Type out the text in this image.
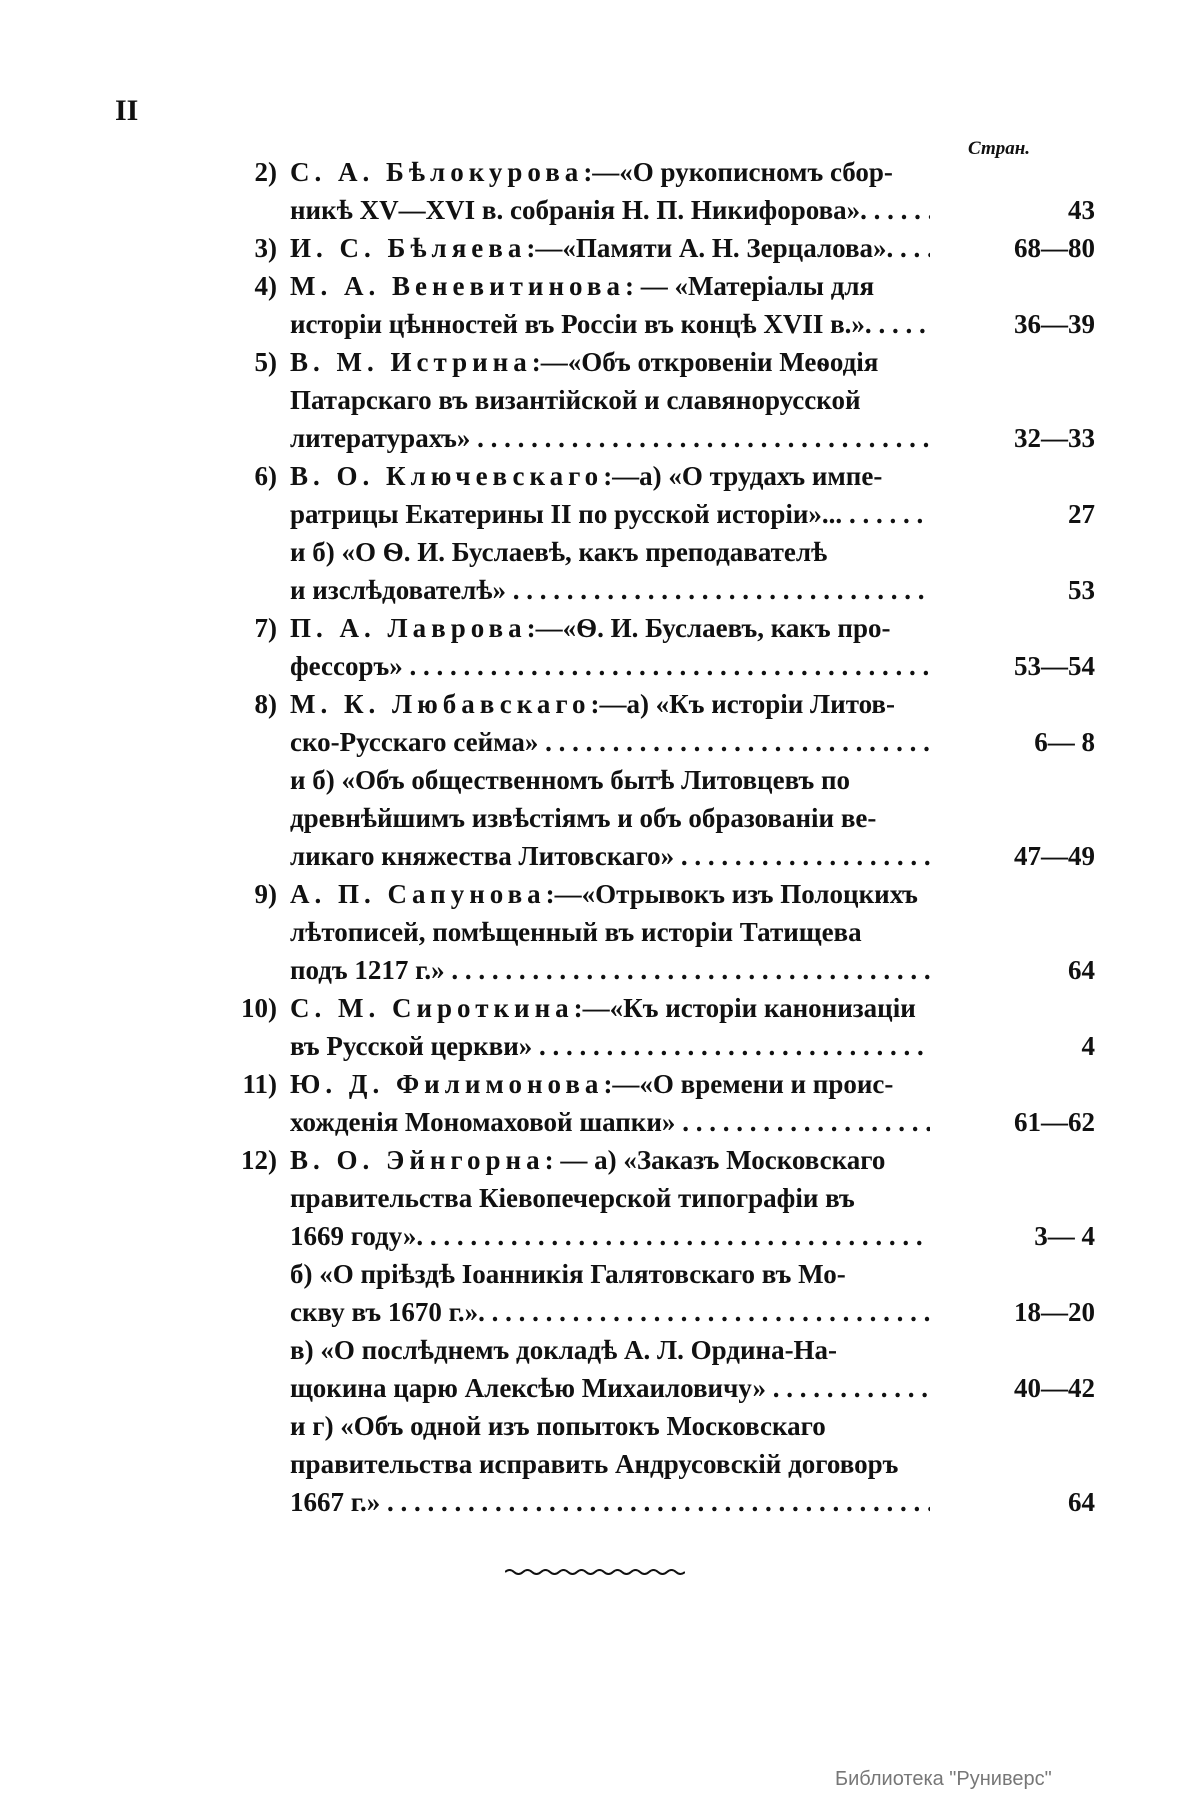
II
Стран.
2) С. А. Бѣлокурова:—«О рукописномъ сбор-
никѣ XV—XVI в. собранія Н. П. Никифорова». . . .	43
3) И. С. Бѣляева:—«Памяти А. Н. Зерцалова». . . .	68—80
4) М. А. Веневитинова: — «Матеріалы для
исторіи цѣнностей въ Россіи въ концѣ XVII в.». . . .	36—39
5) В. М. Истрина:—«Объ откровеніи Меѳодія
Патарскаго въ византійской и славянорусской
литературахъ» . . .	32—33
6) В. О. Ключевскаго:—а) «О трудахъ импе-
ратрицы Екатерины II по русской исторіи»... . . .	27
и б) «О Ѳ. И. Буслаевѣ, какъ преподавателѣ
и изслѣдователѣ» . . .	53
7) П. А. Лаврова:—«Ѳ. И. Буслаевъ, какъ про-
фессоръ» . . .	53—54
8) М. К. Любавскаго:—а) «Къ исторіи Литов-
ско-Русскаго сейма» . . .	6— 8
и б) «Объ общественномъ бытѣ Литовцевъ по
древнѣйшимъ извѣстіямъ и объ образованіи ве-
ликаго княжества Литовскаго» . . .	47—49
9) А. П. Сапунова:—«Отрывокъ изъ Полоцкихъ
лѣтописей, помѣщенный въ исторіи Татищева
подъ 1217 г.» . . .	64
10) С. М. Сироткина:—«Къ исторіи канонизаціи
въ Русской церкви» . . .	4
11) Ю. Д. Филимонова:—«О времени и проис-
хожденія Мономаховой шапки» . . .	61—62
12) В. О. Эйнгорна: — а) «Заказъ Московскаго
правительства Кіевопечерской типографіи въ
1669 году». . . .	3— 4
б) «О пріѣздѣ Іоанникія Галятовскаго въ Мо-
скву въ 1670 г.». . . .	18—20
в) «О послѣднемъ докладѣ А. Л. Ордина-На-
щокина царю Алексѣю Михаиловичу» . . .	40—42
и г) «Объ одной изъ попытокъ Московскаго
правительства исправить Андрусовскій договоръ
1667 г.» . . .	64
Библиотека "Руниверс"
